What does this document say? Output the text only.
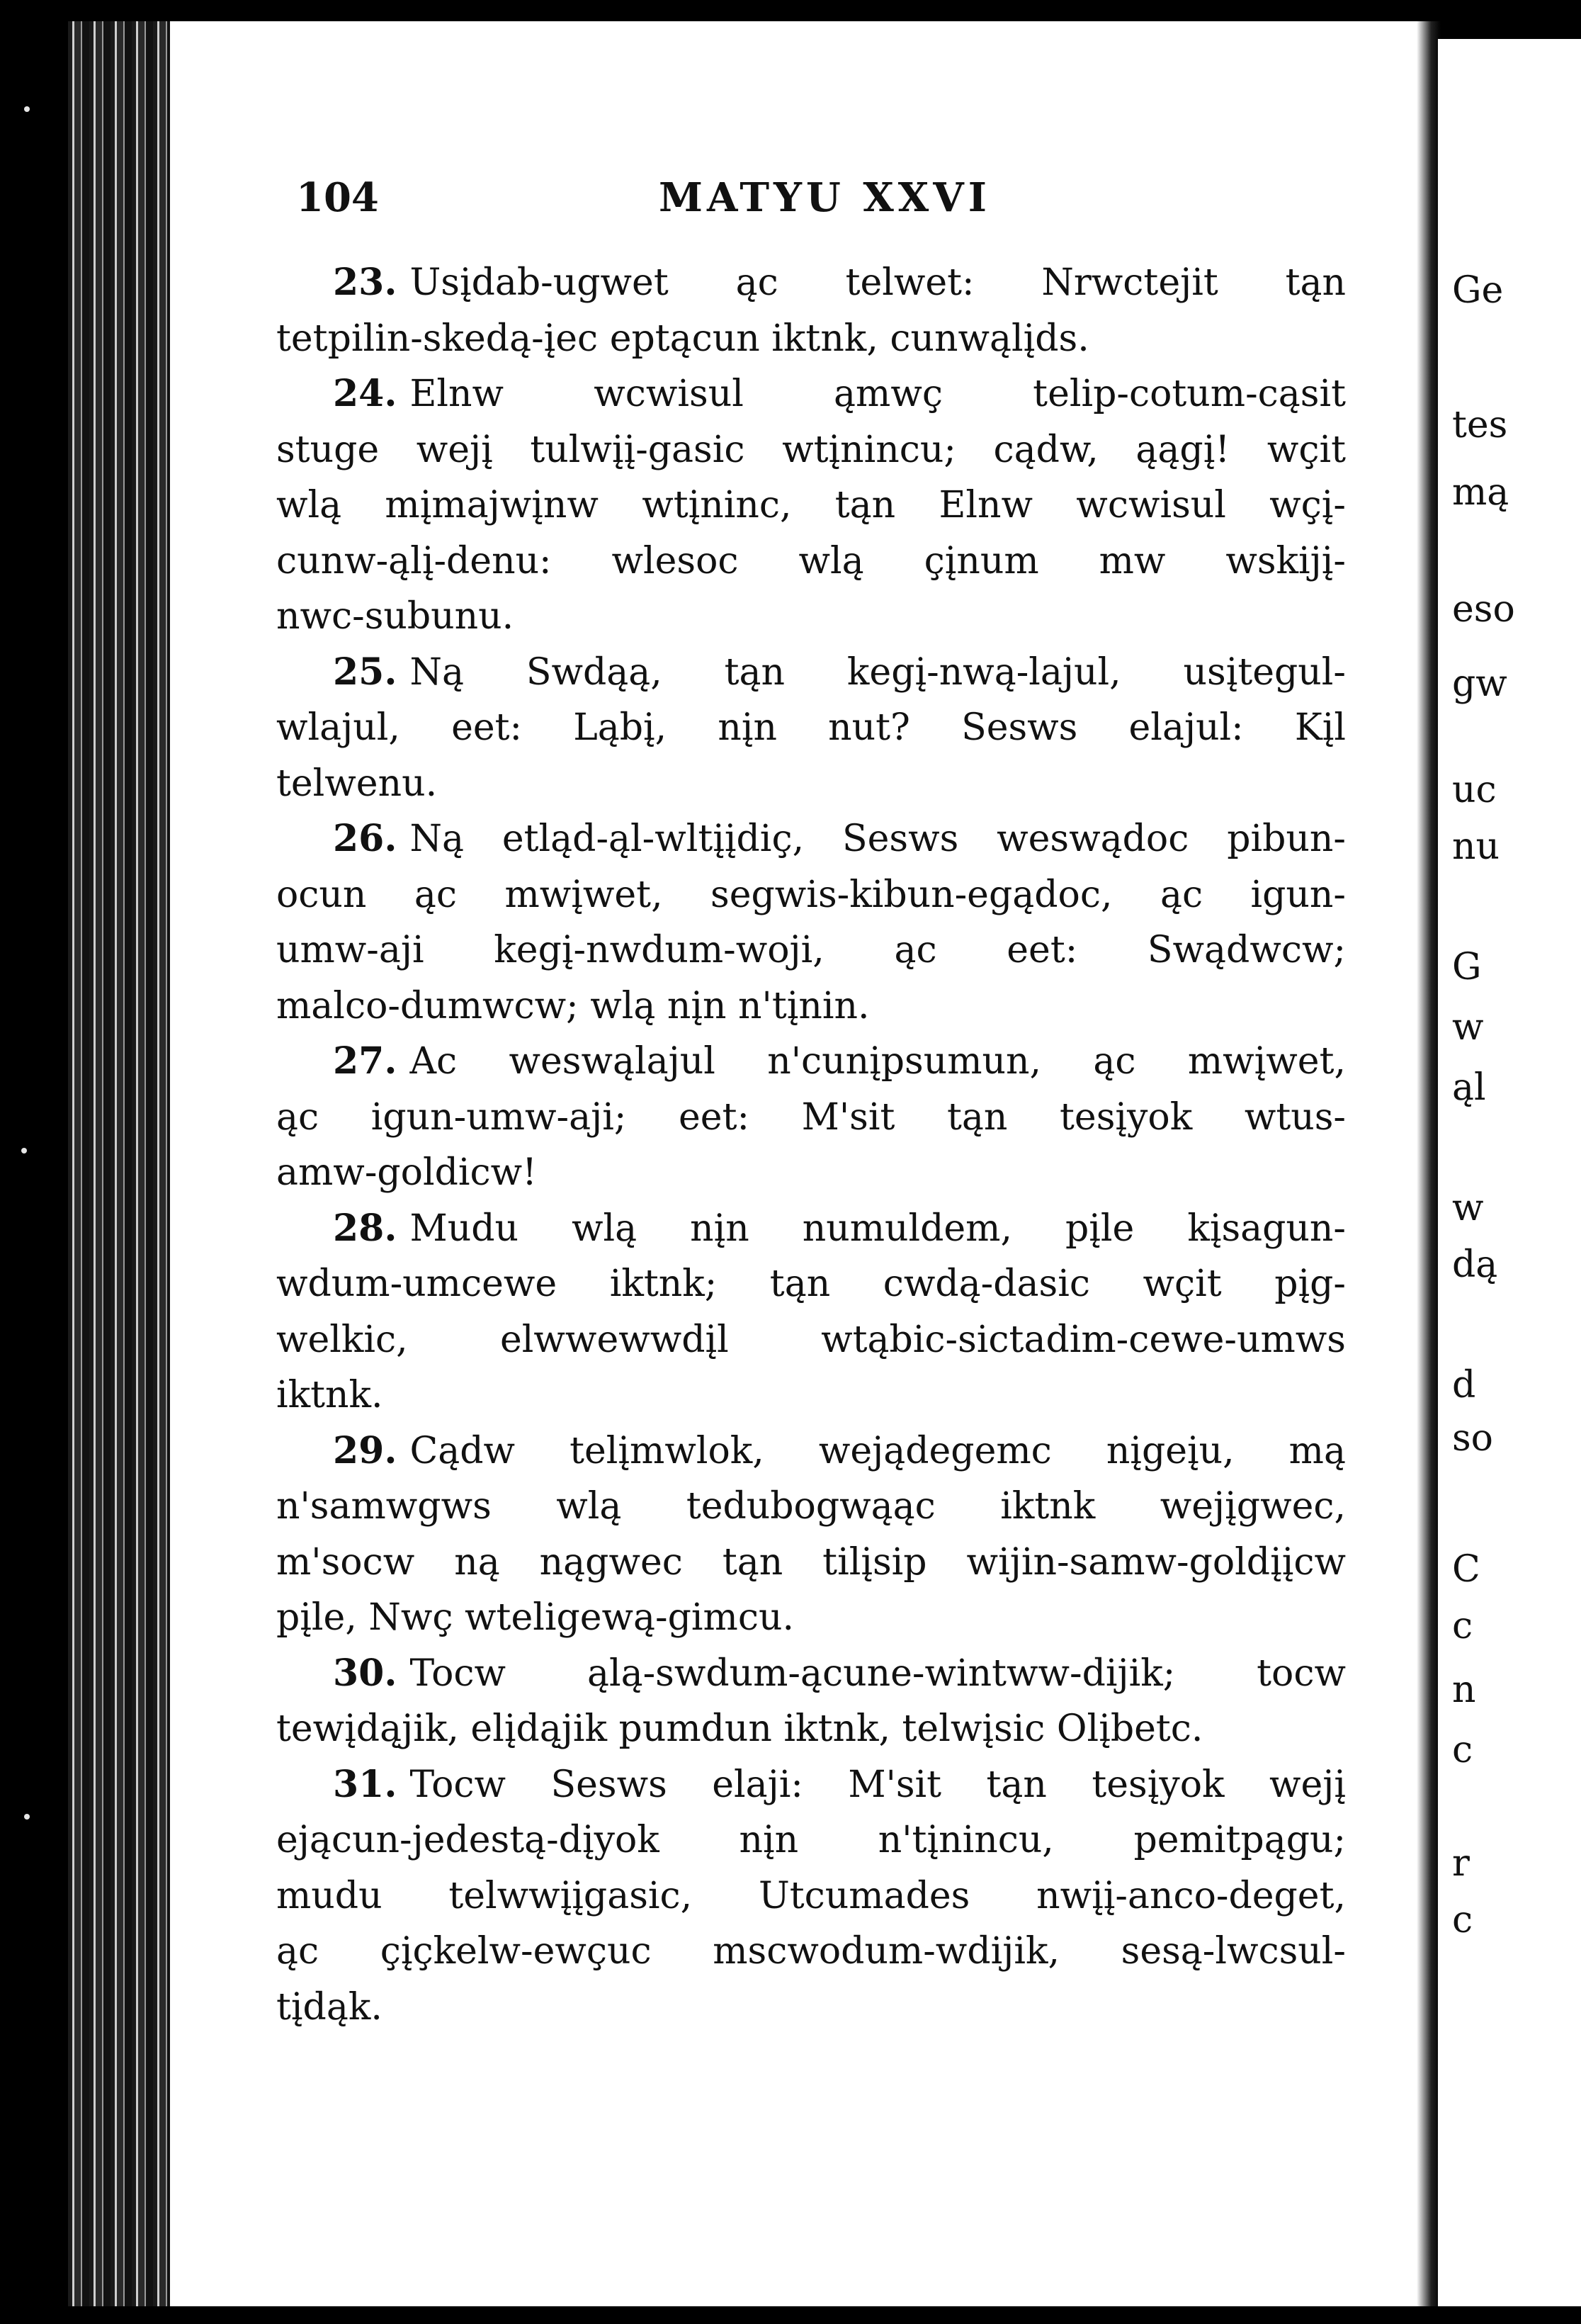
104	MATYU XXVI
23. Usįdab-ugwet ąc telwet: Nrwctejit tąn
tetpilin-skedą-įec eptącun iktnk, cunwąlįds.
24. Elnw wcwisul ąmwç telip-cotum-cąsit
stuge wejį tulwįį-gasic wtįnincu; cądw, ąągį! wçit
wlą mįmajwįnw wtįninc, tąn Elnw wcwisul wçį-
cunw-ąlį-denu: wlesoc wlą çįnum mw wskijį-
nwc-subunu.
25. Ną Swdąą, tąn kegį-nwą-lajul, usįtegul-
wlajul, eet: Ląbį, nįn nut? Sesws elajul: Kįl
telwenu.
26. Ną etląd-ąl-wltįįdiç, Sesws weswądoc pibun-
ocun ąc mwįwet, segwis-kibun-egądoc, ąc igun-
umw-aji kegį-nwdum-woji, ąc eet: Swądwcw;
malco-dumwcw; wlą nįn n'tįnin.
27. Ac weswąlajul n'cunįpsumun, ąc mwįwet,
ąc igun-umw-aji; eet: M'sit tąn tesįyok wtus-
amw-goldicw!
28. Mudu wlą nįn numuldem, pįle kįsagun-
wdum-umcewe iktnk; tąn cwdą-dasic wçit pįg-
welkic, elwwewwdįl wtąbic-sictadim-cewe-umws
iktnk.
29. Cądw telįmwlok, wejądegemc nįgeįu, mą
n'samwgws wlą tedubogwąąc iktnk wejįgwec,
m'socw ną nągwec tąn tilįsip wijin-samw-goldįįcw
pįle, Nwç wteligewą-gimcu.
30. Tocw ąlą-swdum-ącune-wintww-dijik; tocw
tewįdąjik, elįdąjik pumdun iktnk, telwįsic Olįbetc.
31. Tocw Sesws elaji: M'sit tąn tesįyok wejį
ejącun-jedestą-dįyok nįn n'tįnincu, pemitpągu;
mudu telwwįįgasic, Utcumades nwįį-anco-deget,
ąc çįçkelw-ewçuc mscwodum-wdijik, sesą-lwcsul-
tįdąk.
Ge
tes
mą
eso
gw
uc
nu
G
w
ąl
w
dą
d
so
C
c
n
c
r
c
